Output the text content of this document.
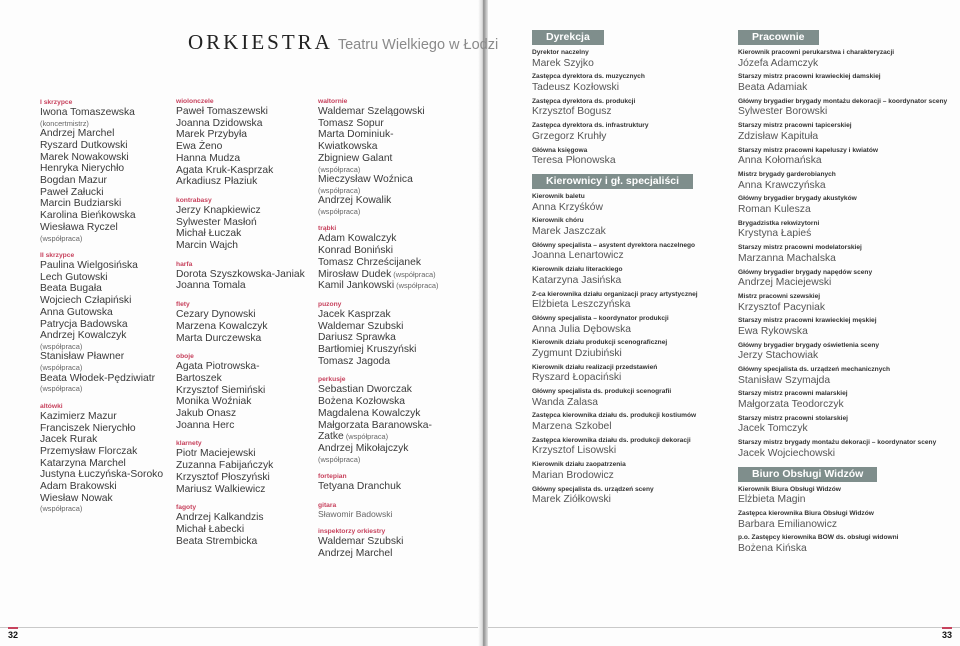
ORKIESTRA Teatru Wielkiego w Łodzi
I skrzypce
Iwona Tomaszewska
(koncertmistrz)
Andrzej Marchel
Ryszard Dutkowski
Marek Nowakowski
Henryka Nierychło
Bogdan Mazur
Paweł Załucki
Marcin Budziarski
Karolina Bieńkowska
Wiesława Ryczel
(współpraca)
II skrzypce
Paulina Wielgosińska
Lech Gutowski
Beata Bugała
Wojciech Człapiński
Anna Gutowska
Patrycja Badowska
Andrzej Kowalczyk
(współpraca)
Stanisław Pławner
(współpraca)
Beata Włodek-Pędziwiatr
(współpraca)
altówki
Kazimierz Mazur
Franciszek Nierychło
Jacek Rurak
Przemysław Florczak
Katarzyna Marchel
Justyna Łuczyńska-Soroko
Adam Brakowski
Wiesław Nowak
(współpraca)
wiolonczele
Paweł Tomaszewski
Joanna Dzidowska
Marek Przybyła
Ewa Żeno
Hanna Mudza
Agata Kruk-Kasprzak
Arkadiusz Płaziuk
kontrabasy
Jerzy Knapkiewicz
Sylwester Masłoń
Michał Łuczak
Marcin Wajch
harfa
Dorota Szyszkowska-Janiak
Joanna Tomala
flety
Cezary Dynowski
Marzena Kowalczyk
Marta Durczewska
oboje
Agata Piotrowska-
Bartoszek
Krzysztof Siemiński
Monika Woźniak
Jakub Onasz
Joanna Herc
klarnety
Piotr Maciejewski
Zuzanna Fabijańczyk
Krzysztof Płoszyński
Mariusz Walkiewicz
fagoty
Andrzej Kalkandzis
Michał Łabecki
Beata Strembicka
waltornie
Waldemar Szelągowski
Tomasz Sopur
Marta Dominiuk-
Kwiatkowska
Zbigniew Galant
(współpraca)
Mieczysław Woźnica
(współpraca)
Andrzej Kowalik
(współpraca)
trąbki
Adam Kowalczyk
Konrad Boniński
Tomasz Chrześcijanek
Mirosław Dudek (współpraca)
Kamil Jankowski (współpraca)
puzony
Jacek Kasprzak
Waldemar Szubski
Dariusz Sprawka
Bartłomiej Kruszyński
Tomasz Jagoda
perkusje
Sebastian Dworczak
Bożena Kozłowska
Magdalena Kowalczyk
Małgorzata Baranowska-
Zatke (współpraca)
Andrzej Mikołajczyk
(współpraca)
fortepian
Tetyana Dranchuk
gitara
Sławomir Badowski
inspektorzy orkiestry
Waldemar Szubski
Andrzej Marchel
Dyrekcja

Dyrektor naczelny
Marek Szyjko
Zastępca dyrektora ds. muzycznych
Tadeusz Kozłowski
Zastępca dyrektora ds. produkcji
Krzysztof Bogusz
Zastępca dyrektora ds. infrastruktury
Grzegorz Kruhły
Główna księgowa
Teresa Płonowska
Kierownicy i gł. specjaliści

Kierownik baletu
Anna Krzyśków
Kierownik chóru
Marek Jaszczak
Główny specjalista – asystent dyrektora naczelnego
Joanna Lenartowicz
Kierownik działu literackiego
Katarzyna Jasińska
Z-ca kierownika działu organizacji pracy artystycznej
Elżbieta Leszczyńska
Główny specjalista – koordynator produkcji
Anna Julia Dębowska
Kierownik działu produkcji scenograficznej
Zygmunt Dziubiński
Kierownik działu realizacji przedstawień
Ryszard Łopaciński
Główny specjalista ds. produkcji scenografii
Wanda Zalasa
Zastępca kierownika działu ds. produkcji kostiumów
Marzena Szkobel
Zastępca kierownika działu ds. produkcji dekoracji
Krzysztof Lisowski
Kierownik działu zaopatrzenia
Marian Brodowicz
Główny specjalista ds. urządzeń sceny
Marek Ziółkowski
Pracownie

Kierownik pracowni perukarstwa i charakteryzacji
Józefa Adamczyk
Starszy mistrz pracowni krawieckiej damskiej
Beata Adamiak
Główny brygadier brygady montażu dekoracji – koordynator sceny
Sylwester Borowski
Starszy mistrz pracowni tapicerskiej
Zdzisław Kapituła
Starszy mistrz pracowni kapeluszy i kwiatów
Anna Kołomańska
Mistrz brygady garderobianych
Anna Krawczyńska
Główny brygadier brygady akustyków
Roman Kulesza
Brygadzistka rekwizytorni
Krystyna Łapieś
Starszy mistrz pracowni modelatorskiej
Marzanna Machalska
Główny brygadier brygady napędów sceny
Andrzej Maciejewski
Mistrz pracowni szewskiej
Krzysztof Pacyniak
Starszy mistrz pracowni krawieckiej męskiej
Ewa Rykowska
Główny brygadier brygady oświetlenia sceny
Jerzy Stachowiak
Główny specjalista ds. urządzeń mechanicznych
Stanisław Szymajda
Starszy mistrz pracowni malarskiej
Małgorzata Teodorczyk
Starszy mistrz pracowni stolarskiej
Jacek Tomczyk
Starszy mistrz brygady montażu dekoracji – koordynator sceny
Jacek Wojciechowski
Biuro Obsługi Widzów

Kierownik Biura Obsługi Widzów
Elżbieta Magin
Zastępca kierownika Biura Obsługi Widzów
Barbara Emilianowicz
p.o. Zastępcy kierownika BOW ds. obsługi widowni
Bożena Kińska
32	33
